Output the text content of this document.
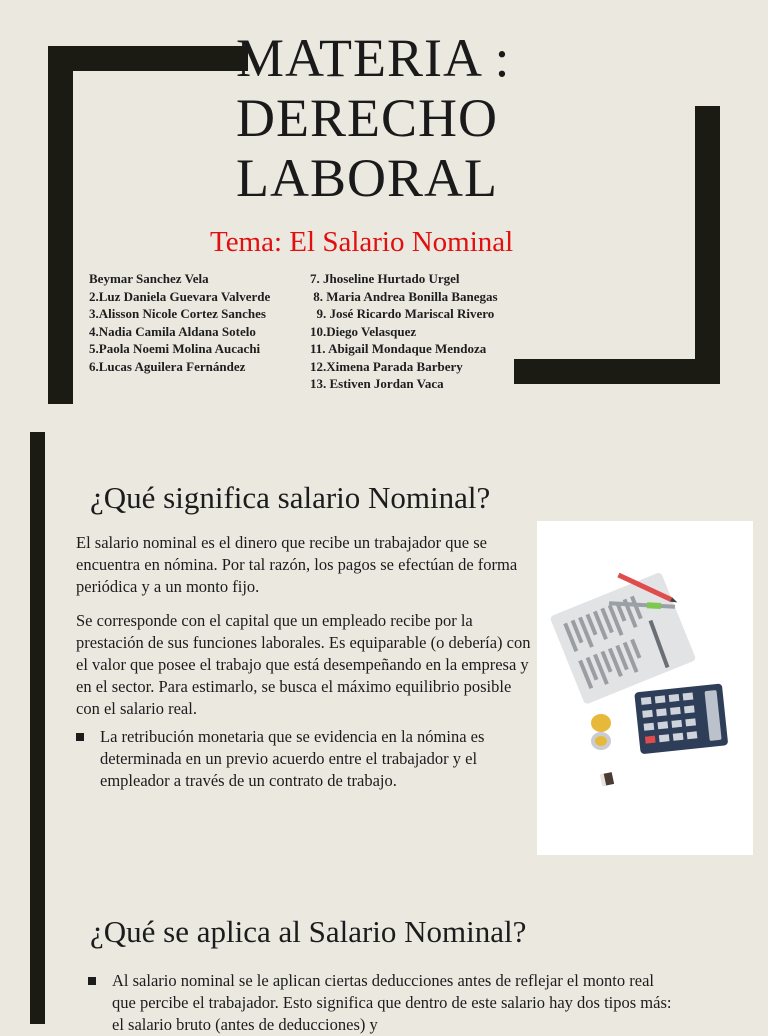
MATERIA :
DERECHO
LABORAL
Tema: El Salario Nominal
Beymar Sanchez Vela
2.Luz Daniela Guevara Valverde
3.Alisson Nicole Cortez Sanches
4.Nadia Camila Aldana Sotelo
5.Paola Noemi Molina Aucachi
6.Lucas Aguilera Fernández
7. Jhoseline Hurtado Urgel
8. Maria Andrea Bonilla Banegas
9. José Ricardo Mariscal Rivero
10.Diego Velasquez
11. Abigail Mondaque Mendoza
12.Ximena Parada Barbery
13. Estiven Jordan Vaca
¿Qué significa salario Nominal?

El salario nominal es el dinero que recibe un trabajador que se encuentra en nómina. Por tal razón, los pagos se efectúan de forma periódica y a un monto fijo.

Se corresponde con el capital que un empleado recibe por la prestación de sus funciones laborales. Es equiparable (o debería) con el valor que posee el trabajo que está desempeñando en la empresa y en el sector. Para estimarlo, se busca el máximo equilibrio posible con el salario real.

La retribución monetaria que se evidencia en la nómina es determinada en un previo acuerdo entre el trabajador y el empleador a través de un contrato de trabajo.
¿Qué se aplica al Salario Nominal?
Al salario nominal se le aplican ciertas deducciones antes de reflejar el monto real que percibe el trabajador. Esto significa que dentro de este salario hay dos tipos más: el salario bruto (antes de deducciones) y
